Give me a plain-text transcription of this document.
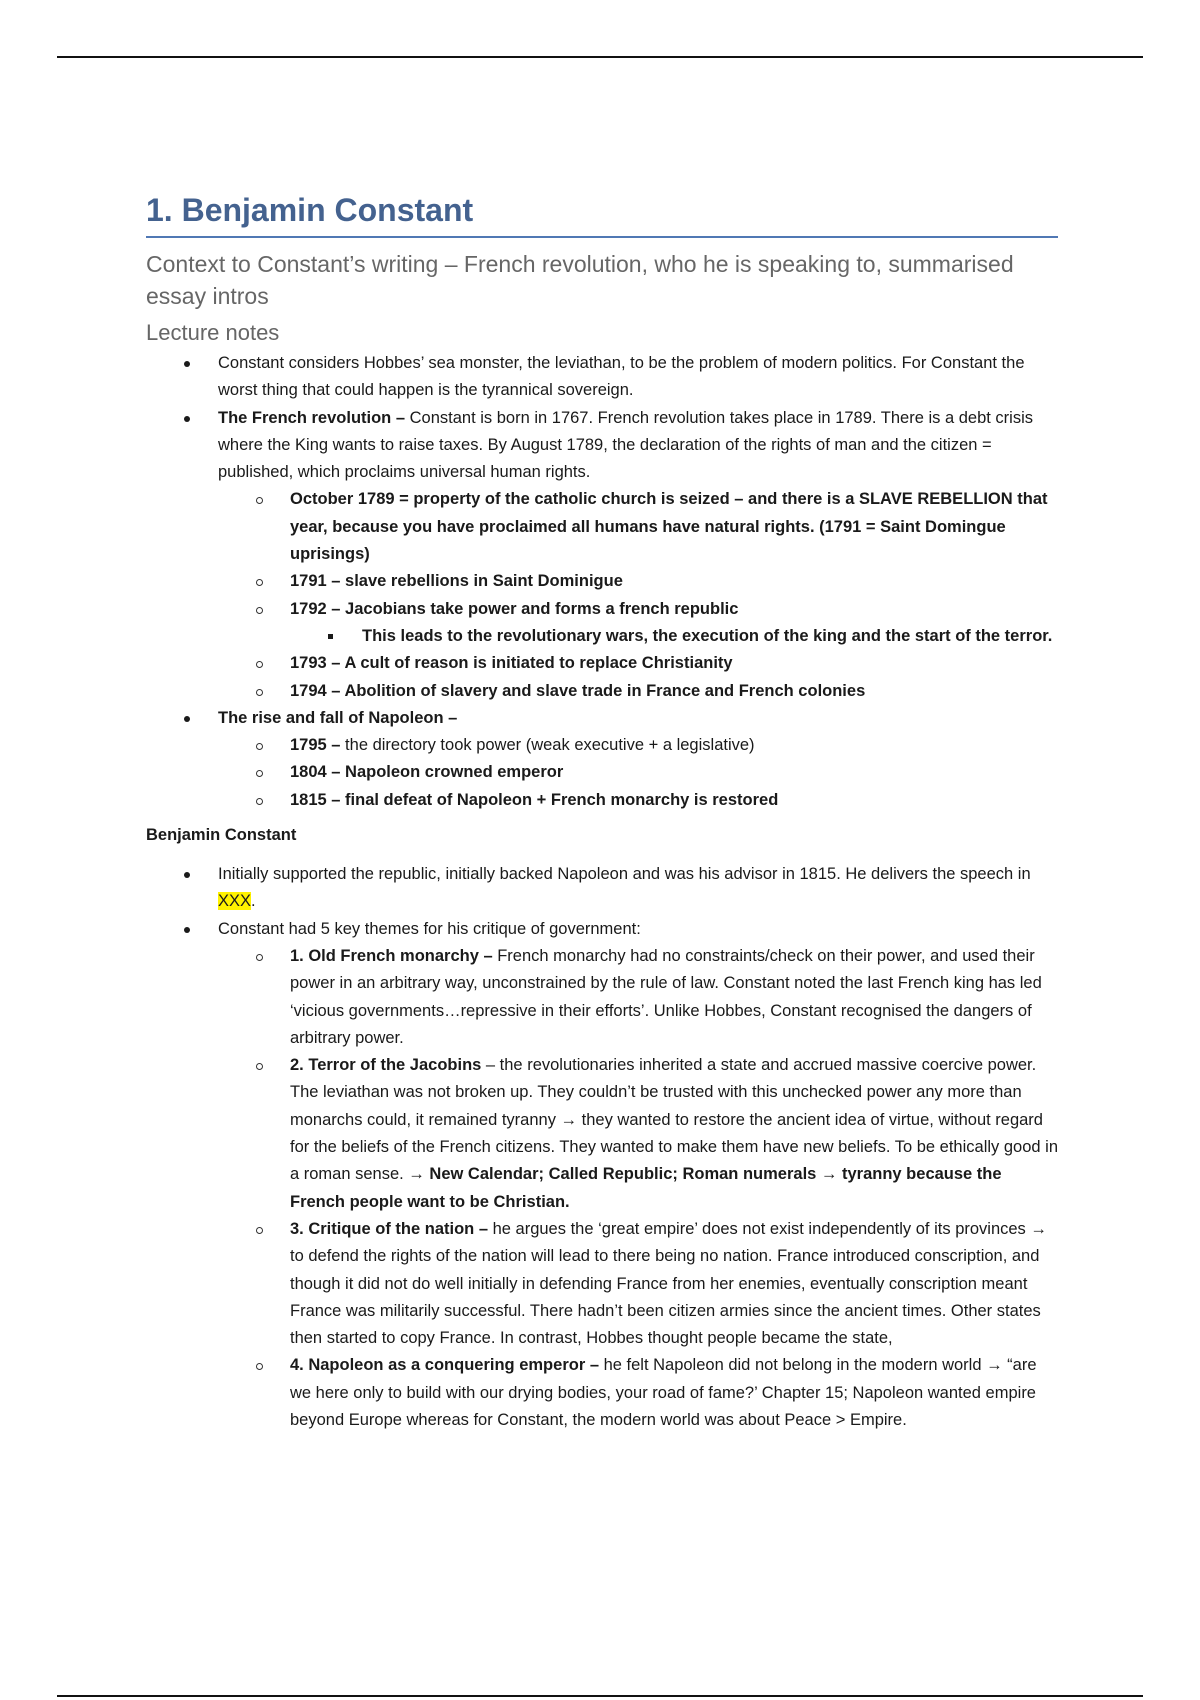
1. Benjamin Constant

Context to Constant’s writing – French revolution, who he is speaking to, summarised essay intros

Lecture notes

Constant considers Hobbes’ sea monster, the leviathan, to be the problem of modern politics. For Constant the worst thing that could happen is the tyrannical sovereign.
The French revolution – Constant is born in 1767. French revolution takes place in 1789. There is a debt crisis where the King wants to raise taxes. By August 1789, the declaration of the rights of man and the citizen = published, which proclaims universal human rights.
October 1789 = property of the catholic church is seized – and there is a SLAVE REBELLION that year, because you have proclaimed all humans have natural rights. (1791 = Saint Domingue uprisings)
1791 – slave rebellions in Saint Dominigue
1792 – Jacobians take power and forms a french republic
This leads to the revolutionary wars, the execution of the king and the start of the terror.
1793 – A cult of reason is initiated to replace Christianity
1794 – Abolition of slavery and slave trade in France and French colonies
The rise and fall of Napoleon –
1795 – the directory took power (weak executive + a legislative)
1804 – Napoleon crowned emperor
1815 – final defeat of Napoleon + French monarchy is restored

Benjamin Constant

Initially supported the republic, initially backed Napoleon and was his advisor in 1815. He delivers the speech in XXX.
Constant had 5 key themes for his critique of government:
1. Old French monarchy – French monarchy had no constraints/check on their power, and used their power in an arbitrary way, unconstrained by the rule of law. Constant noted the last French king has led ‘vicious governments…repressive in their efforts’. Unlike Hobbes, Constant recognised the dangers of arbitrary power.
2. Terror of the Jacobins – the revolutionaries inherited a state and accrued massive coercive power. The leviathan was not broken up. They couldn’t be trusted with this unchecked power any more than monarchs could, it remained tyranny → they wanted to restore the ancient idea of virtue, without regard for the beliefs of the French citizens. They wanted to make them have new beliefs. To be ethically good in a roman sense. → New Calendar; Called Republic; Roman numerals → tyranny because the French people want to be Christian.
3. Critique of the nation – he argues the ‘great empire’ does not exist independently of its provinces → to defend the rights of the nation will lead to there being no nation. France introduced conscription, and though it did not do well initially in defending France from her enemies, eventually conscription meant France was militarily successful. There hadn’t been citizen armies since the ancient times. Other states then started to copy France. In contrast, Hobbes thought people became the state,
4. Napoleon as a conquering emperor – he felt Napoleon did not belong in the modern world → “are we here only to build with our drying bodies, your road of fame?’ Chapter 15; Napoleon wanted empire beyond Europe whereas for Constant, the modern world was about Peace > Empire.
